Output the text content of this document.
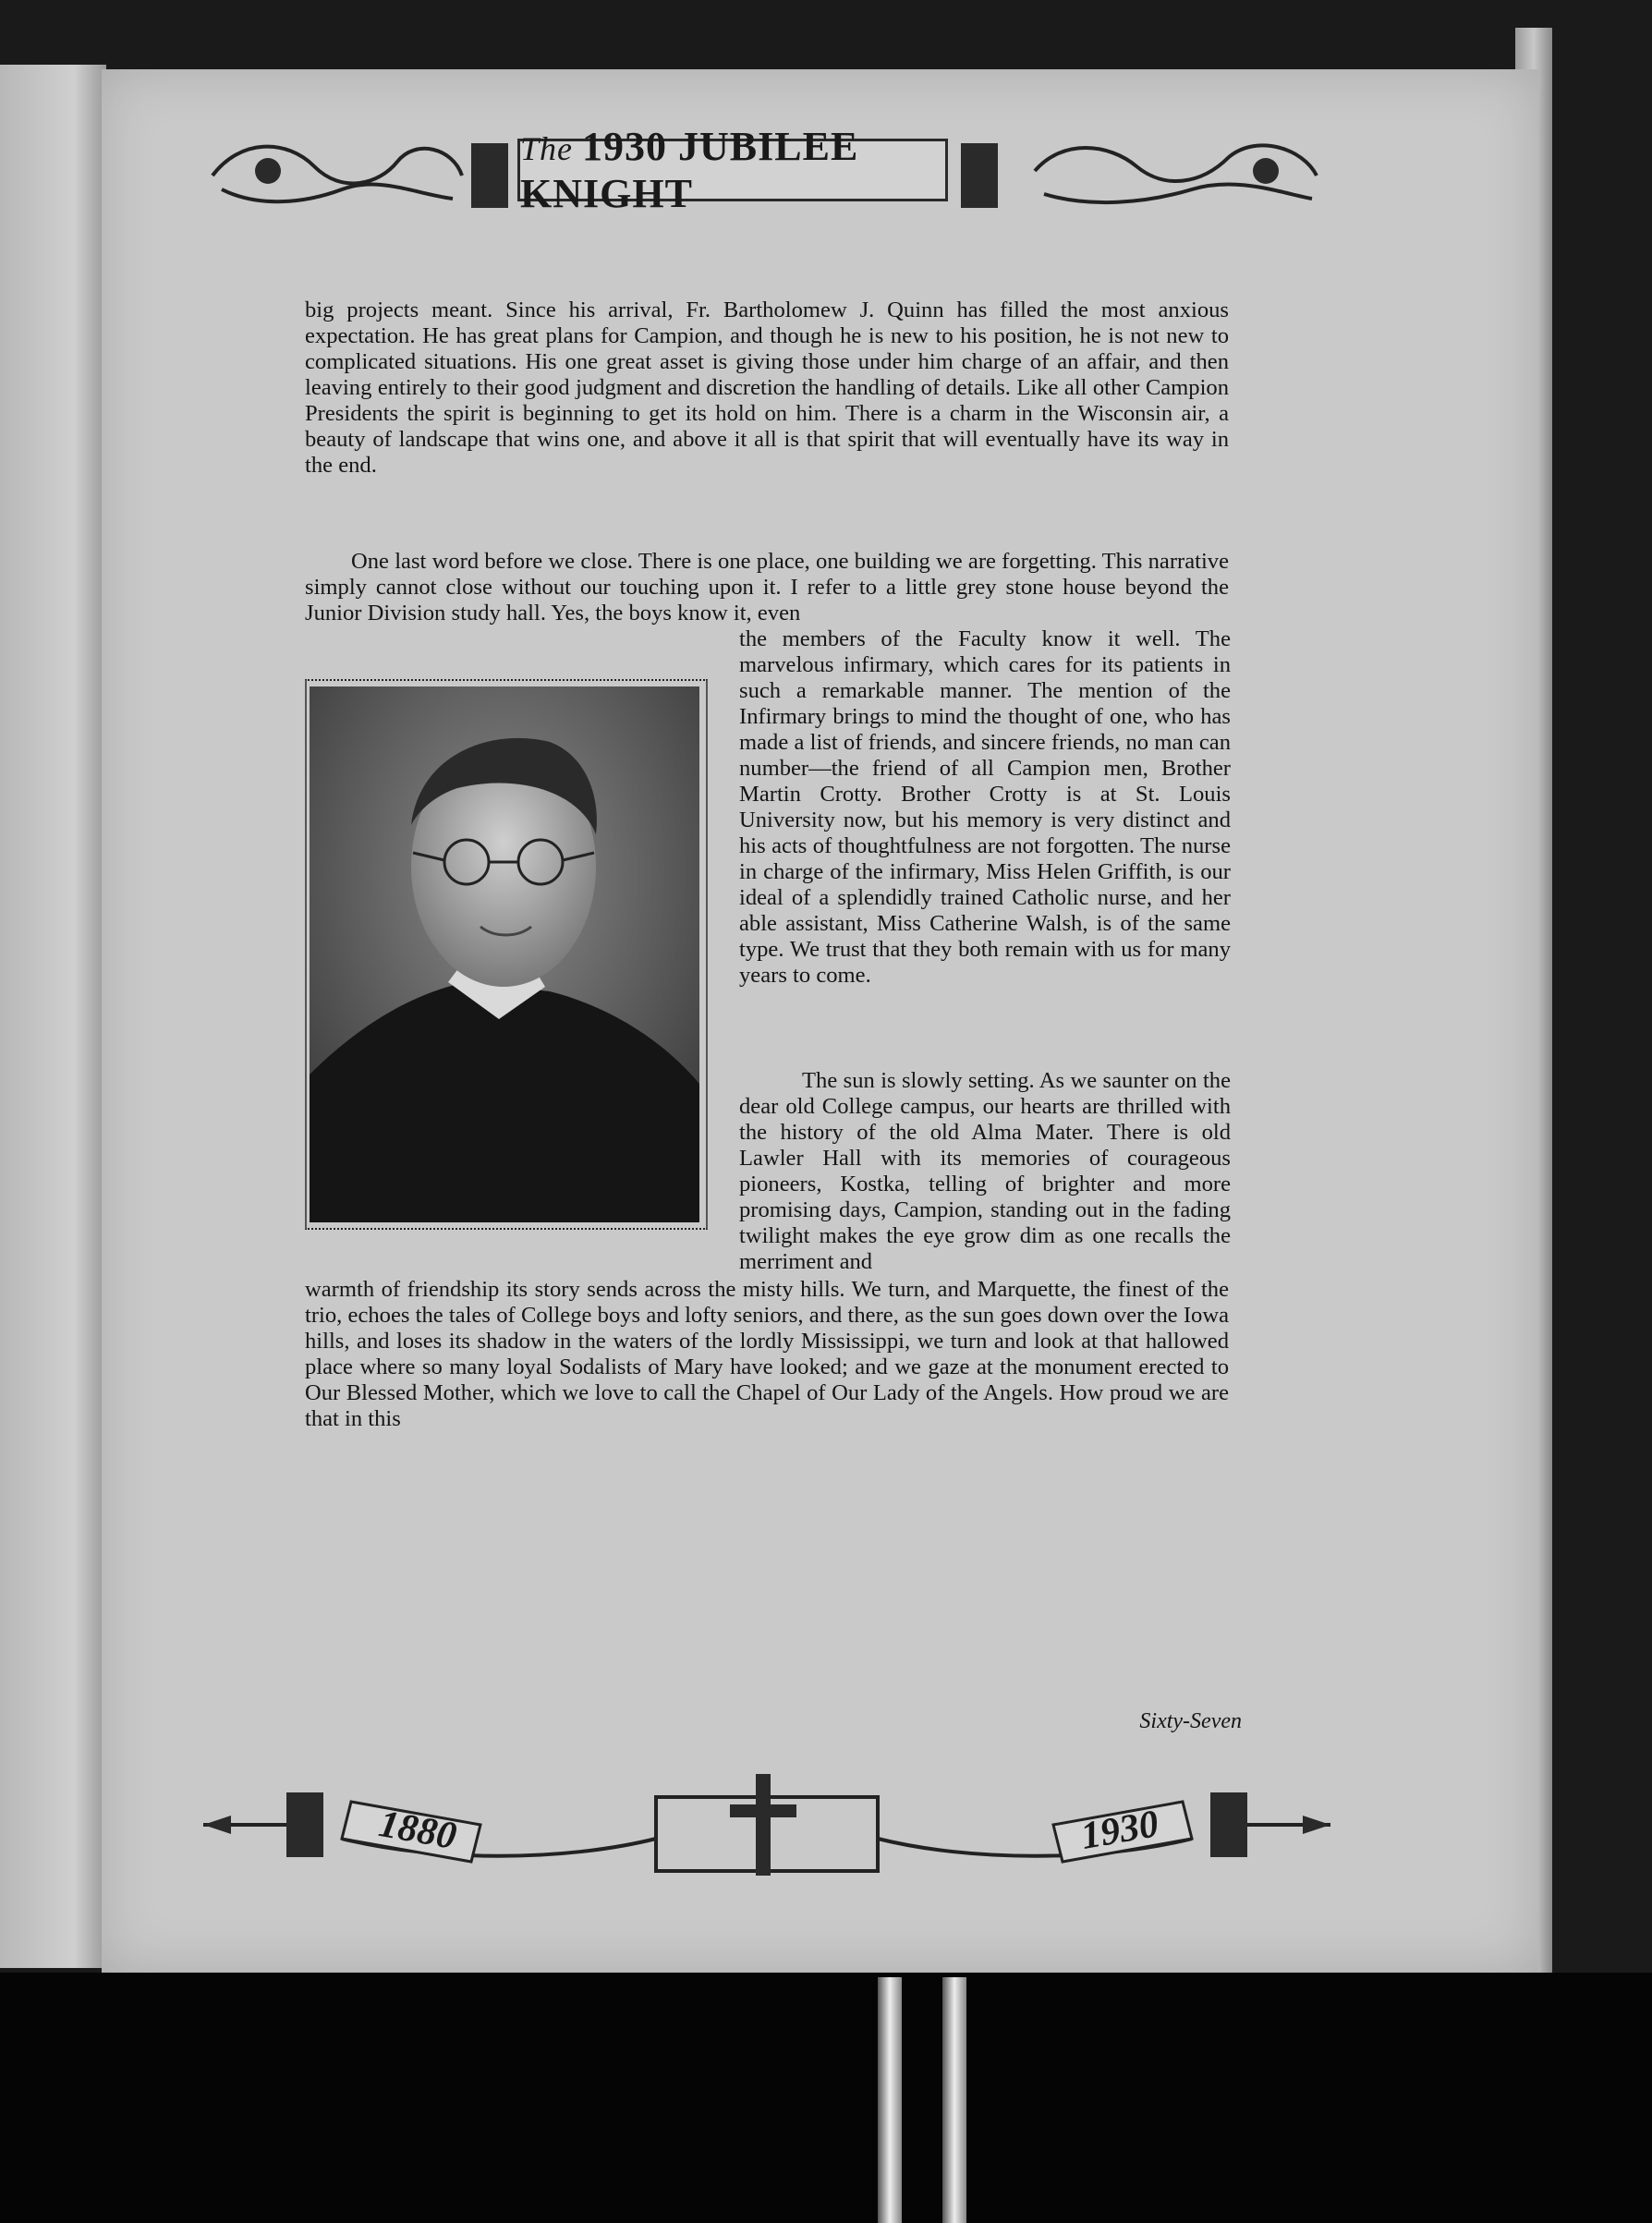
The 1930 JUBILEE KNIGHT

big projects meant. Since his arrival, Fr. Bartholomew J. Quinn has filled the most anxious expectation. He has great plans for Campion, and though he is new to his position, he is not new to complicated situations. His one great asset is giving those under him charge of an affair, and then leaving entirely to their good judgment and discretion the handling of details. Like all other Campion Presidents the spirit is beginning to get its hold on him. There is a charm in the Wisconsin air, a beauty of landscape that wins one, and above it all is that spirit that will eventually have its way in the end.

One last word before we close. There is one place, one building we are forgetting. This narrative simply cannot close without our touching upon it. I refer to a little grey stone house beyond the Junior Division study hall. Yes, the boys know it, even

the members of the Faculty know it well. The marvelous infirmary, which cares for its patients in such a remarkable manner. The mention of the Infirmary brings to mind the thought of one, who has made a list of friends, and sincere friends, no man can number—the friend of all Campion men, Brother Martin Crotty. Brother Crotty is at St. Louis University now, but his memory is very distinct and his acts of thoughtfulness are not forgotten. The nurse in charge of the infirmary, Miss Helen Griffith, is our ideal of a splendidly trained Catholic nurse, and her able assistant, Miss Catherine Walsh, is of the same type. We trust that they both remain with us for many years to come.

The sun is slowly setting. As we saunter on the dear old College campus, our hearts are thrilled with the history of the old Alma Mater. There is old Lawler Hall with its memories of courageous pioneers, Kostka, telling of brighter and more promising days, Campion, standing out in the fading twilight makes the eye grow dim as one recalls the merriment and

warmth of friendship its story sends across the misty hills. We turn, and Marquette, the finest of the trio, echoes the tales of College boys and lofty seniors, and there, as the sun goes down over the Iowa hills, and loses its shadow in the waters of the lordly Mississippi, we turn and look at that hallowed place where so many loyal Sodalists of Mary have looked; and we gaze at the monument erected to Our Blessed Mother, which we love to call the Chapel of Our Lady of the Angels. How proud we are that in this

Sixty-Seven
1880	1930
